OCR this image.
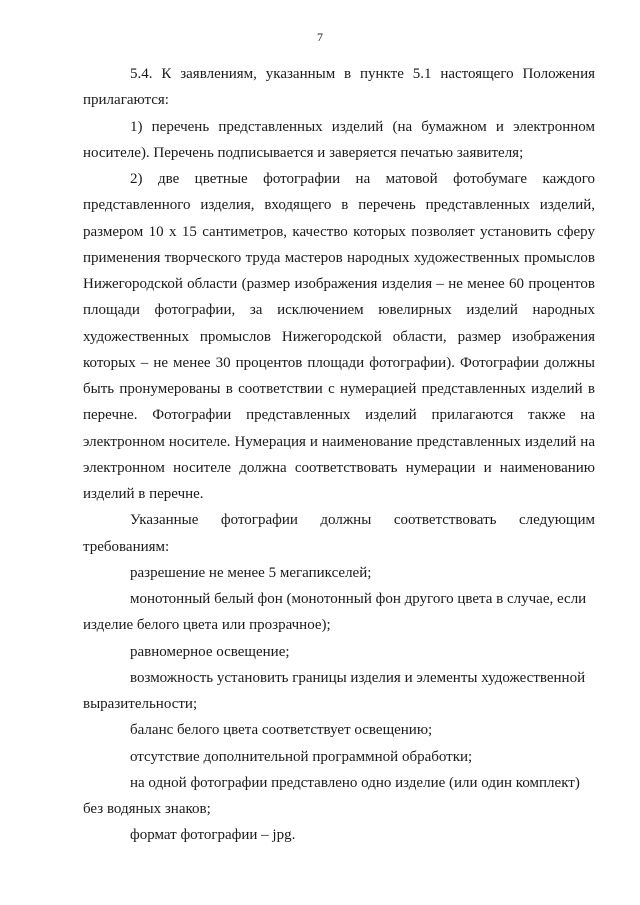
7

5.4. К заявлениям, указанным в пункте 5.1 настоящего Положения прилагаются:

1) перечень представленных изделий (на бумажном и электронном носителе). Перечень подписывается и заверяется печатью заявителя;

2) две цветные фотографии на матовой фотобумаге каждого представленного изделия, входящего в перечень представленных изделий, размером 10 х 15 сантиметров, качество которых позволяет установить сферу применения творческого труда мастеров народных художественных промыслов Нижегородской области (размер изображения изделия – не менее 60 процентов площади фотографии, за исключением ювелирных изделий народных художественных промыслов Нижегородской области, размер изображения которых – не менее 30 процентов площади фотографии). Фотографии должны быть пронумерованы в соответствии с нумерацией представленных изделий в перечне. Фотографии представленных изделий прилагаются также на электронном носителе. Нумерация и наименование представленных изделий на электронном носителе должна соответствовать нумерации и наименованию изделий в перечне.

Указанные фотографии должны соответствовать следующим требованиям:

разрешение не менее 5 мегапикселей;

монотонный белый фон (монотонный фон другого цвета в случае, если изделие белого цвета или прозрачное);

равномерное освещение;

возможность установить границы изделия и элементы художественной выразительности;

баланс белого цвета соответствует освещению;

отсутствие дополнительной программной обработки;

на одной фотографии представлено одно изделие (или один комплект) без водяных знаков;

формат фотографии – jpg.
